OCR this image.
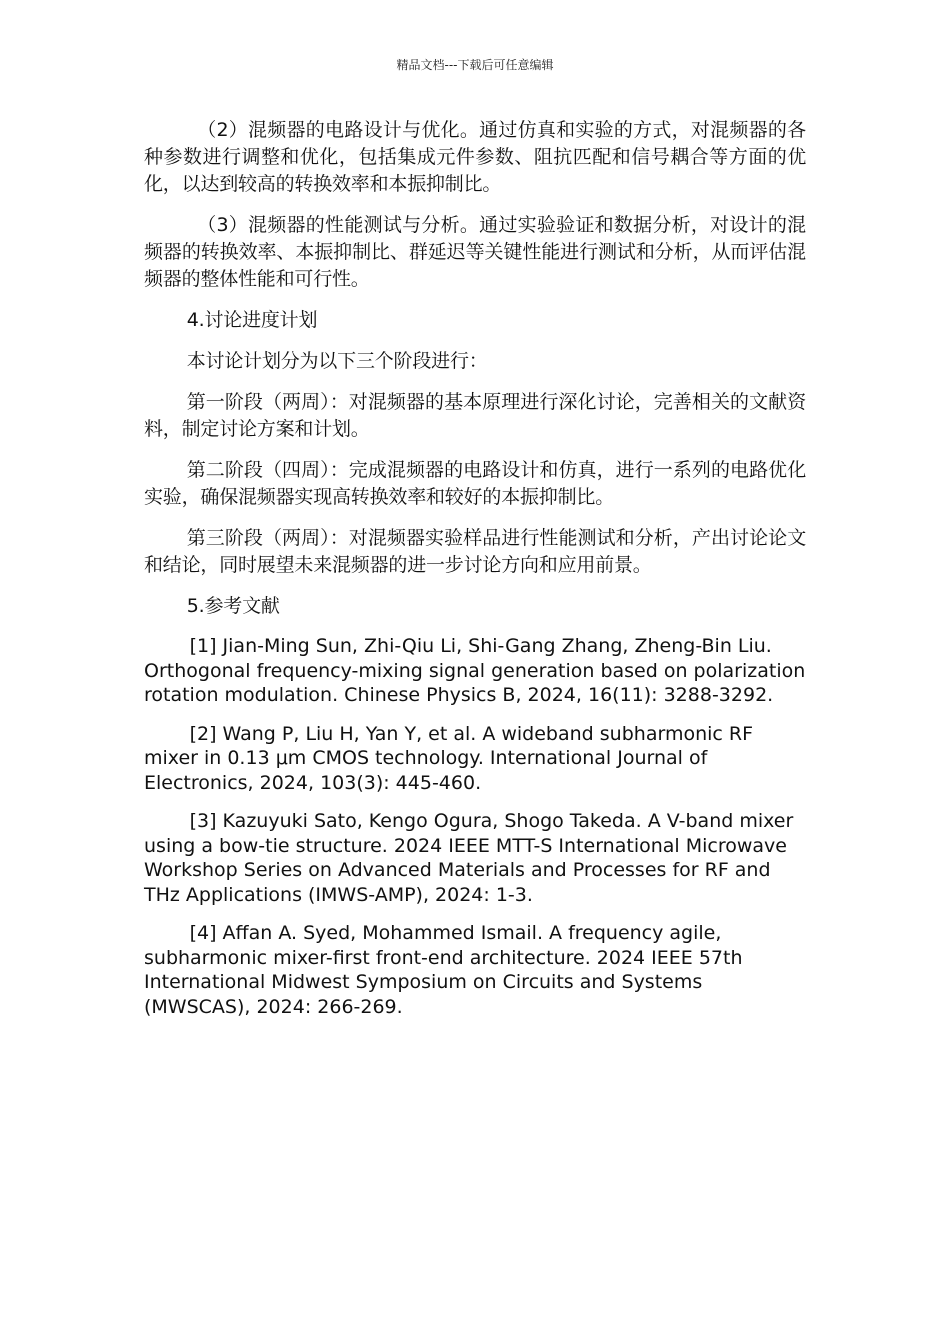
精品文档---下载后可任意编辑

（2）混频器的电路设计与优化。通过仿真和实验的方式，对混频器的各种参数进行调整和优化，包括集成元件参数、阻抗匹配和信号耦合等方面的优化，以达到较高的转换效率和本振抑制比。

（3）混频器的性能测试与分析。通过实验验证和数据分析，对设计的混频器的转换效率、本振抑制比、群延迟等关键性能进行测试和分析，从而评估混频器的整体性能和可行性。

4.讨论进度计划

本讨论计划分为以下三个阶段进行：

第一阶段（两周）：对混频器的基本原理进行深化讨论，完善相关的文献资料，制定讨论方案和计划。

第二阶段（四周）：完成混频器的电路设计和仿真，进行一系列的电路优化实验，确保混频器实现高转换效率和较好的本振抑制比。

第三阶段（两周）：对混频器实验样品进行性能测试和分析，产出讨论论文和结论，同时展望未来混频器的进一步讨论方向和应用前景。

5.参考文献

[1] Jian-Ming Sun, Zhi-Qiu Li, Shi-Gang Zhang, Zheng-Bin Liu. Orthogonal frequency-mixing signal generation based on polarization rotation modulation. Chinese Physics B, 2024, 16(11): 3288-3292.

[2] Wang P, Liu H, Yan Y, et al. A wideband subharmonic RF mixer in 0.13 μm CMOS technology. International Journal of Electronics, 2024, 103(3): 445-460.

[3] Kazuyuki Sato, Kengo Ogura, Shogo Takeda. A V-band mixer using a bow-tie structure. 2024 IEEE MTT-S International Microwave Workshop Series on Advanced Materials and Processes for RF and THz Applications (IMWS-AMP), 2024: 1-3.

[4] Affan A. Syed, Mohammed Ismail. A frequency agile, subharmonic mixer-first front-end architecture. 2024 IEEE 57th International Midwest Symposium on Circuits and Systems (MWSCAS), 2024: 266-269.
